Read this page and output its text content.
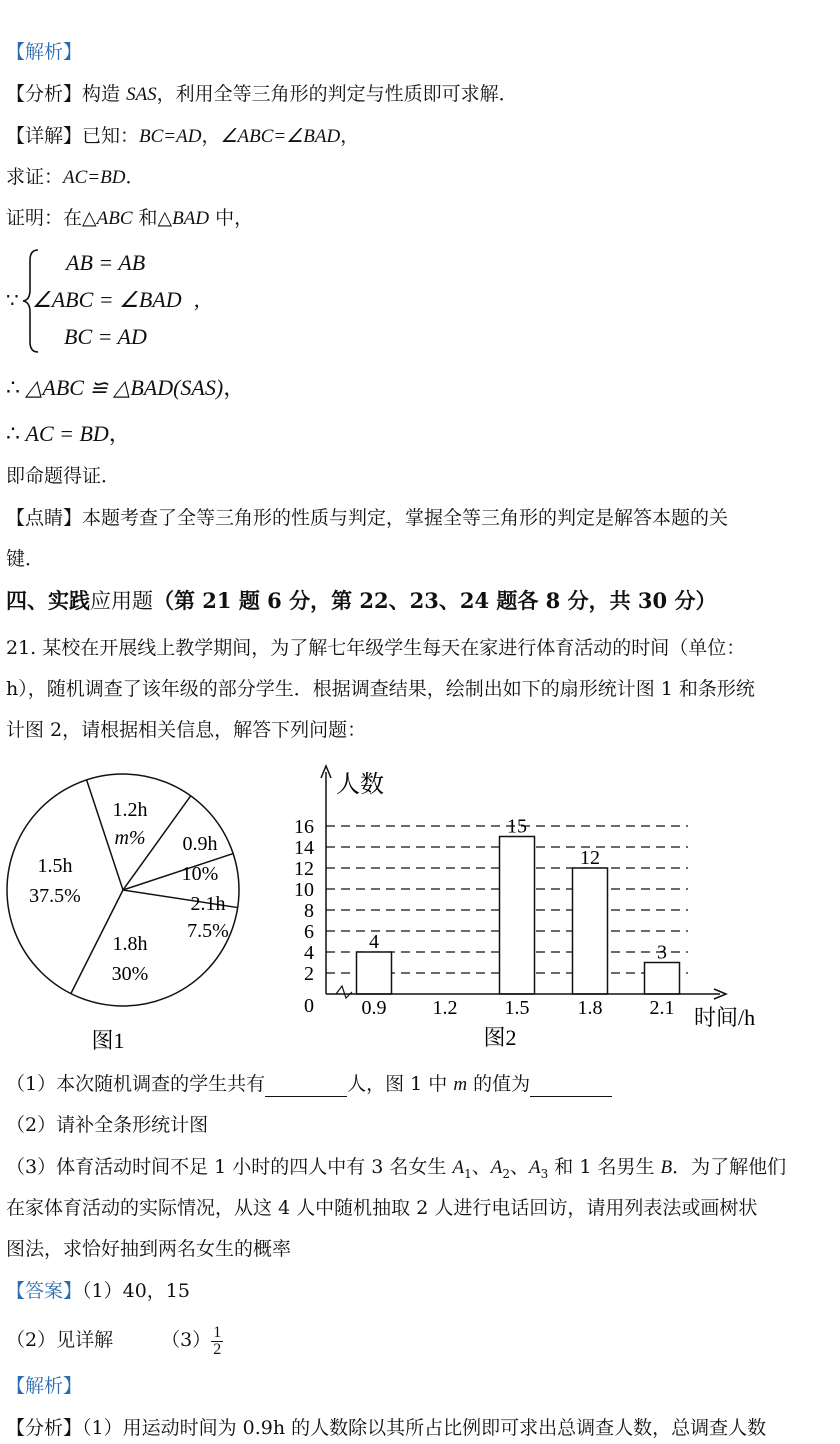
【解析】
【分析】构造 SAS，利用全等三角形的判定与性质即可求解．
【详解】已知：BC=AD，∠ABC=∠BAD，
求证：AC=BD．
证明：在△ABC 和△BAD 中，
∵
AB = AB
∠ABC = ∠BAD ,
BC = AD
∴ △ABC ≌ △BAD(SAS)，
∴ AC = BD，
即命题得证．
【点睛】本题考查了全等三角形的性质与判定，掌握全等三角形的判定是解答本题的关
键．
四、实践应用题（第 21 题 6 分，第 22、23、24 题各 8 分，共 30 分）
21. 某校在开展线上教学期间，为了解七年级学生每天在家进行体育活动的时间（单位：
h），随机调查了该年级的部分学生．根据调查结果，绘制出如下的扇形统计图 1 和条形统
计图 2，请根据相关信息，解答下列问题：
1.2h
m% 0.9h
10%
2.1h
7.5%
1.8h
30%
1.5h
37.5%
图1
0
2
4
6
8
10
12
14
16
0.9 1.2 1.5 1.8 2.1
4
15
12
3
人数
时间/h
图2
（1）本次随机调查的学生共有	人，图 1 中 m 的值为
（2）请补全条形统计图
（3）体育活动时间不足 1 小时的四人中有 3 名女生 $A_1$、$A_2$、$A_3$ 和 1 名男生 B．为了解他们
在家体育活动的实际情况，从这 4 人中随机抽取 2 人进行电话回访，请用列表法或画树状
图法，求恰好抽到两名女生的概率
【答案】（1）40，15
（2）见详解	$(3) \frac{1}{2}$
【解析】
【分析】（1）用运动时间为 0.9h 的人数除以其所占比例即可求出总调查人数，总调查人数
